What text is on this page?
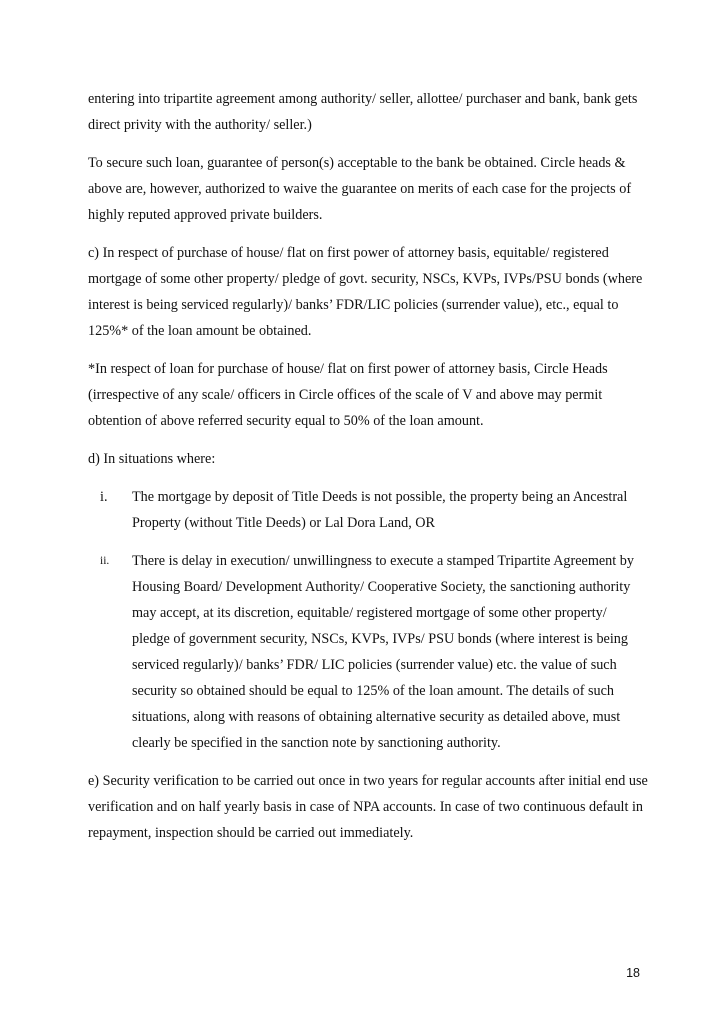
entering into tripartite agreement among authority/ seller, allottee/ purchaser and bank, bank gets direct privity with the authority/ seller.)

To secure such loan, guarantee of person(s) acceptable to the bank be obtained. Circle heads & above are, however, authorized to waive the guarantee on merits of each case for the projects of highly reputed approved private builders.

c) In respect of purchase of house/ flat on first power of attorney basis, equitable/ registered mortgage of some other property/ pledge of govt. security, NSCs, KVPs, IVPs/PSU bonds (where interest is being serviced regularly)/ banks’ FDR/LIC policies (surrender value), etc., equal to 125%* of the loan amount be obtained.

*In respect of loan for purchase of house/ flat on first power of attorney basis, Circle Heads (irrespective of any scale/ officers in Circle offices of the scale of V and above may permit obtention of above referred security equal to 50% of the loan amount.

d) In situations where:

i.	The mortgage by deposit of Title Deeds is not possible, the property being an Ancestral Property (without Title Deeds) or Lal Dora Land, OR
ii.	There is delay in execution/ unwillingness to execute a stamped Tripartite Agreement by Housing Board/ Development Authority/ Cooperative Society, the sanctioning authority may accept, at its discretion, equitable/ registered mortgage of some other property/ pledge of government security, NSCs, KVPs, IVPs/ PSU bonds (where interest is being serviced regularly)/ banks’ FDR/ LIC policies (surrender value) etc. the value of such security so obtained should be equal to 125% of the loan amount. The details of such situations, along with reasons of obtaining alternative security as detailed above, must clearly be specified in the sanction note by sanctioning authority.

e) Security verification to be carried out once in two years for regular accounts after initial end use verification and on half yearly basis in case of NPA accounts. In case of two continuous default in repayment, inspection should be carried out immediately.

18
